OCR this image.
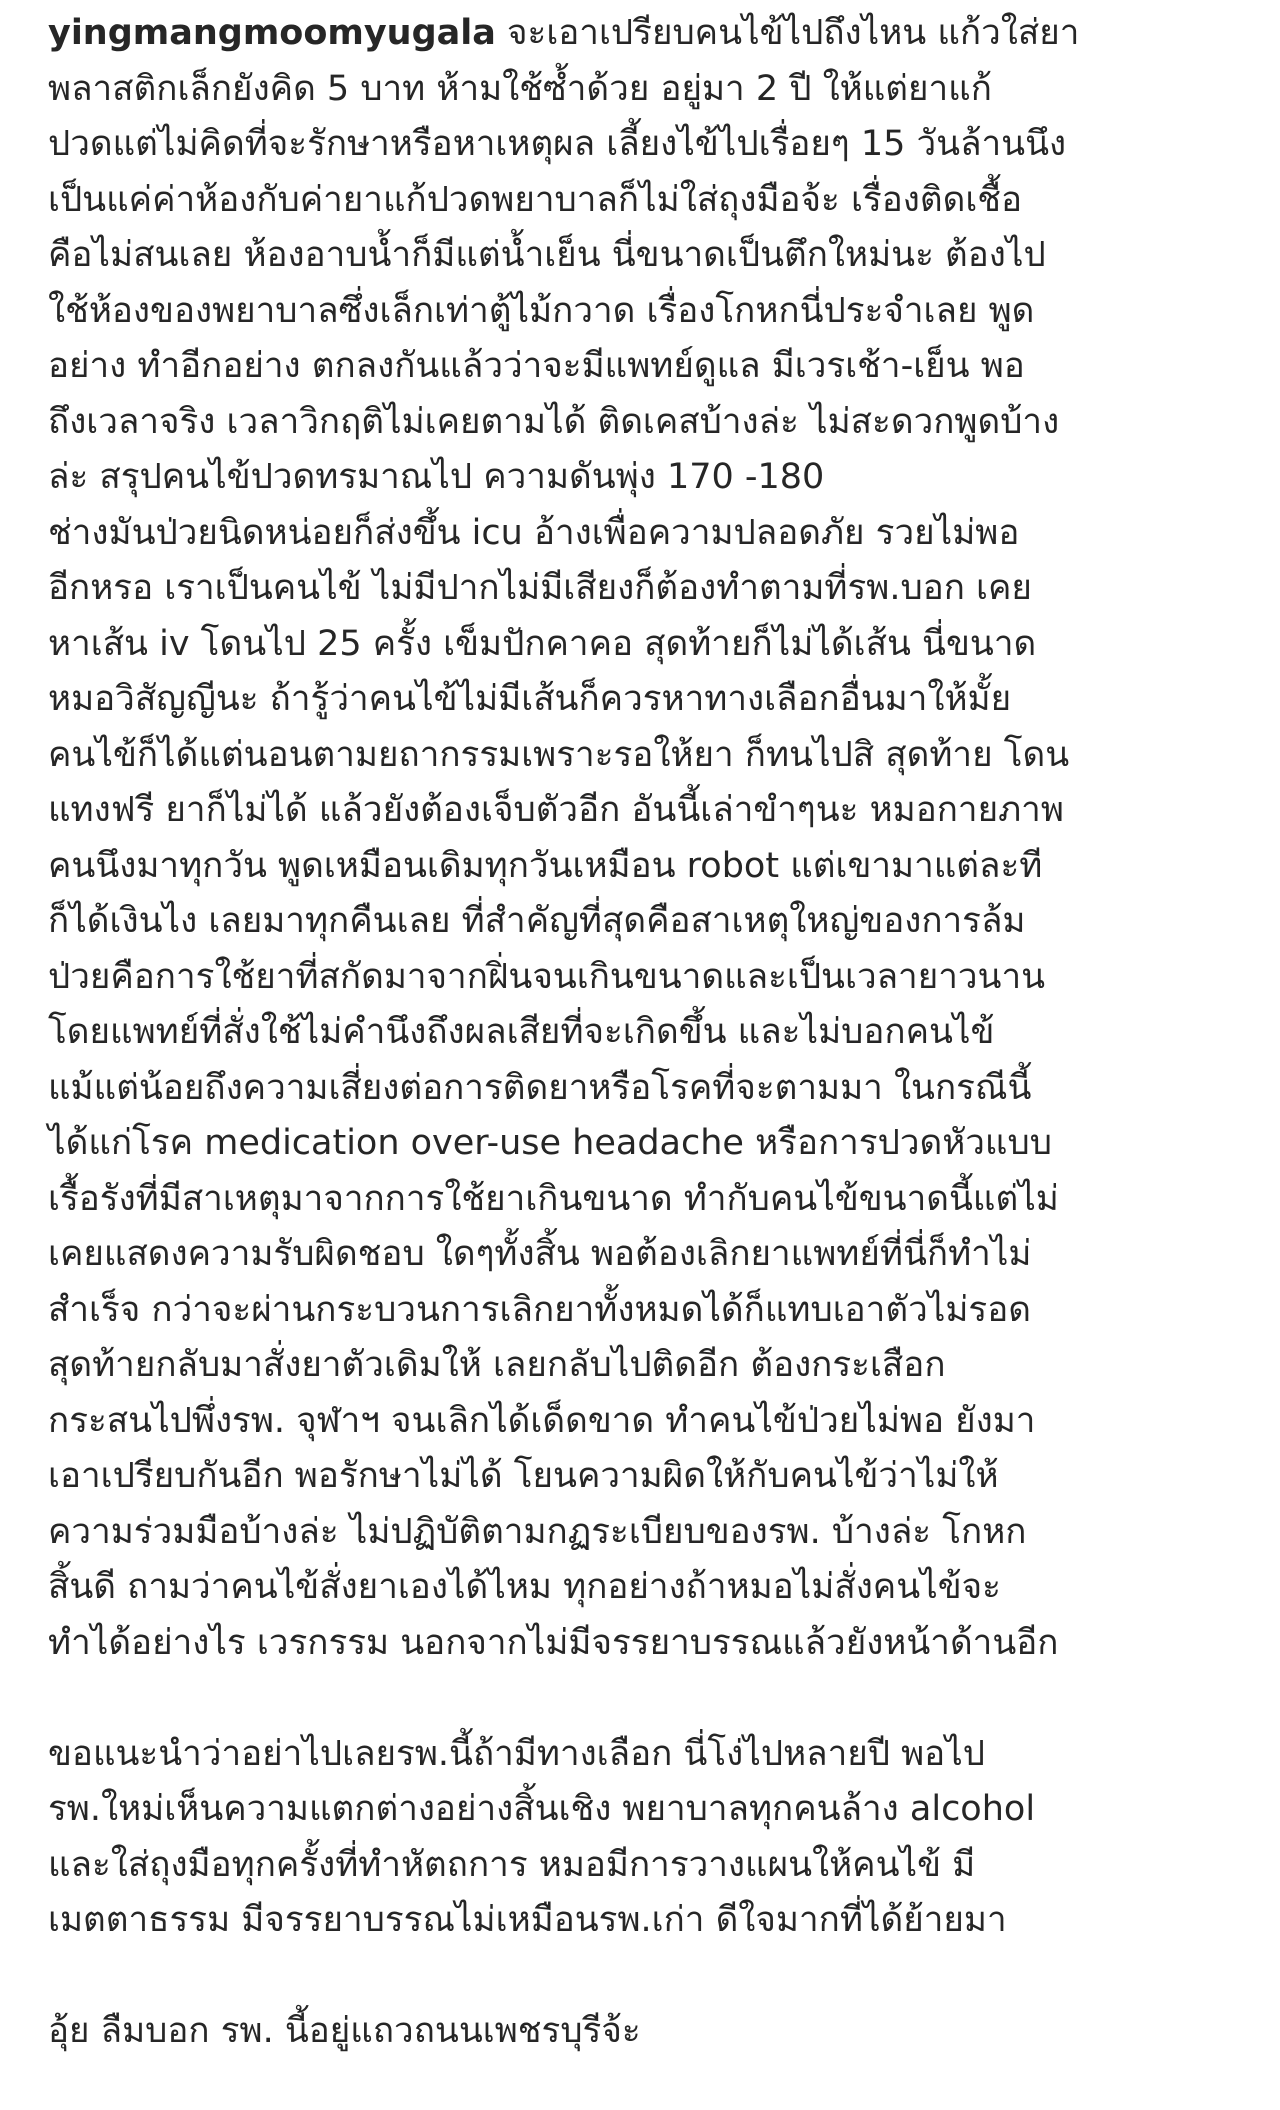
yingmangmoomyugala จะเอาเปรียบคนไข้ไปถึงไหน แก้วใส่ยา
พลาสติกเล็กยังคิด 5 บาท ห้ามใช้ซ้ำด้วย อยู่มา 2 ปี ให้แต่ยาแก้
ปวดแต่ไม่คิดที่จะรักษาหรือหาเหตุผล เลี้ยงไข้ไปเรื่อยๆ 15 วันล้านนึง
เป็นแค่ค่าห้องกับค่ายาแก้ปวดพยาบาลก็ไม่ใส่ถุงมือจ้ะ เรื่องติดเชื้อ
คือไม่สนเลย ห้องอาบน้ำก็มีแต่น้ำเย็น นี่ขนาดเป็นตึกใหม่นะ ต้องไป
ใช้ห้องของพยาบาลซึ่งเล็กเท่าตู้ไม้กวาด เรื่องโกหกนี่ประจำเลย พูด
อย่าง ทำอีกอย่าง ตกลงกันแล้วว่าจะมีแพทย์ดูแล มีเวรเช้า-เย็น พอ
ถึงเวลาจริง เวลาวิกฤติไม่เคยตามได้ ติดเคสบ้างล่ะ ไม่สะดวกพูดบ้าง
ล่ะ สรุปคนไข้ปวดทรมาณไป ความดันพุ่ง 170 -180
ช่างมันป่วยนิดหน่อยก็ส่งขึ้น icu อ้างเพื่อความปลอดภัย รวยไม่พอ
อีกหรอ เราเป็นคนไข้ ไม่มีปากไม่มีเสียงก็ต้องทำตามที่รพ.บอก เคย
หาเส้น iv โดนไป 25 ครั้ง เข็มปักคาคอ สุดท้ายก็ไม่ได้เส้น นี่ขนาด
หมอวิสัญญีนะ ถ้ารู้ว่าคนไข้ไม่มีเส้นก็ควรหาทางเลือกอื่นมาให้มั้ย
คนไข้ก็ได้แต่นอนตามยถากรรมเพราะรอให้ยา ก็ทนไปสิ สุดท้าย โดน
แทงฟรี ยาก็ไม่ได้ แล้วยังต้องเจ็บตัวอีก อันนี้เล่าขำๆนะ หมอกายภาพ
คนนึงมาทุกวัน พูดเหมือนเดิมทุกวันเหมือน robot แต่เขามาแต่ละที
ก็ได้เงินไง เลยมาทุกคืนเลย ที่สำคัญที่สุดคือสาเหตุใหญ่ของการล้ม
ป่วยคือการใช้ยาที่สกัดมาจากฝิ่นจนเกินขนาดและเป็นเวลายาวนาน
โดยแพทย์ที่สั่งใช้ไม่คำนึงถึงผลเสียที่จะเกิดขึ้น และไม่บอกคนไข้
แม้แต่น้อยถึงความเสี่ยงต่อการติดยาหรือโรคที่จะตามมา ในกรณีนี้
ได้แก่โรค medication over-use headache หรือการปวดหัวแบบ
เรื้อรังที่มีสาเหตุมาจากการใช้ยาเกินขนาด ทำกับคนไข้ขนาดนี้แต่ไม่
เคยแสดงความรับผิดชอบ ใดๆทั้งสิ้น พอต้องเลิกยาแพทย์ที่นี่ก็ทำไม่
สำเร็จ กว่าจะผ่านกระบวนการเลิกยาทั้งหมดได้ก็แทบเอาตัวไม่รอด
สุดท้ายกลับมาสั่งยาตัวเดิมให้ เลยกลับไปติดอีก ต้องกระเสือก
กระสนไปพึ่งรพ. จุฬาฯ จนเลิกได้เด็ดขาด ทำคนไข้ป่วยไม่พอ ยังมา
เอาเปรียบกันอีก พอรักษาไม่ได้ โยนความผิดให้กับคนไข้ว่าไม่ให้
ความร่วมมือบ้างล่ะ ไม่ปฏิบัติตามกฏระเบียบของรพ. บ้างล่ะ โกหก
สิ้นดี ถามว่าคนไข้สั่งยาเองได้ไหม ทุกอย่างถ้าหมอไม่สั่งคนไข้จะ
ทำได้อย่างไร เวรกรรม นอกจากไม่มีจรรยาบรรณแล้วยังหน้าด้านอีก
ขอแนะนำว่าอย่าไปเลยรพ.นี้ถ้ามีทางเลือก นี่โง่ไปหลายปี พอไป
รพ.ใหม่เห็นความแตกต่างอย่างสิ้นเชิง พยาบาลทุกคนล้าง alcohol
และใส่ถุงมือทุกครั้งที่ทำหัตถการ หมอมีการวางแผนให้คนไข้ มี
เมตตาธรรม มีจรรยาบรรณไม่เหมือนรพ.เก่า ดีใจมากที่ได้ย้ายมา
อุ้ย ลืมบอก รพ. นี้อยู่แถวถนนเพชรบุรีจ้ะ
